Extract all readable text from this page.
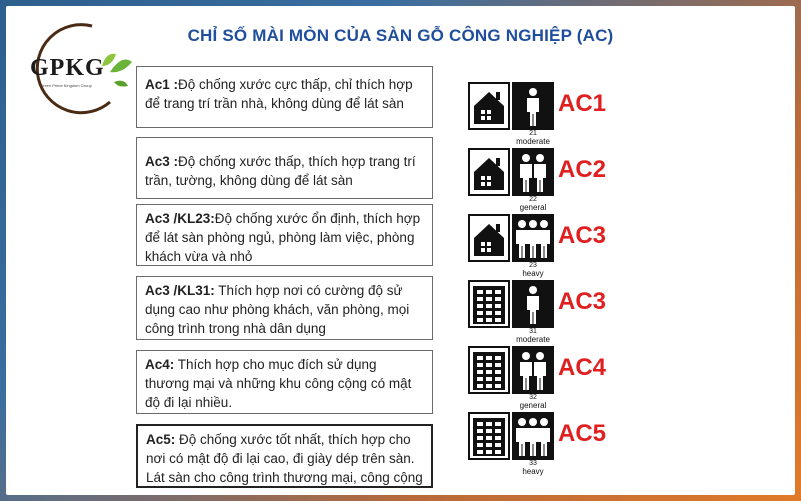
GPKG
Green Prime Kingdom Group
CHỈ SỐ MÀI MÒN CỦA SÀN GỖ CÔNG NGHIỆP (AC)
Ac1 :Độ chống xước cực thấp, chỉ thích hợp để trang trí trần nhà, không dùng để lát sàn
Ac3 :Độ chống xước thấp, thích hợp trang trí trần, tường, không dùng để lát sàn
Ac3 /KL23:Độ chống xước ổn định, thích hợp để lát sàn phòng ngủ, phòng làm việc, phòng khách vừa và nhỏ
Ac3 /KL31: Thích hợp nơi có cường độ sử dụng cao như phòng khách, văn phòng, mọi công trình trong nhà dân dụng
Ac4: Thích hợp cho mục đích sử dụng thương mại và những khu công cộng có mật độ đi lại nhiều.
Ac5: Độ chống xước tốt nhất, thích hợp cho nơi có mật độ đi lại cao, đi giày dép trên sàn. Lát sàn cho công trình thương mại, công cộng
21
moderate
AC1
22
general
AC2
23
heavy
AC3
31
moderate
AC3
32
general
AC4
33
heavy
AC5
